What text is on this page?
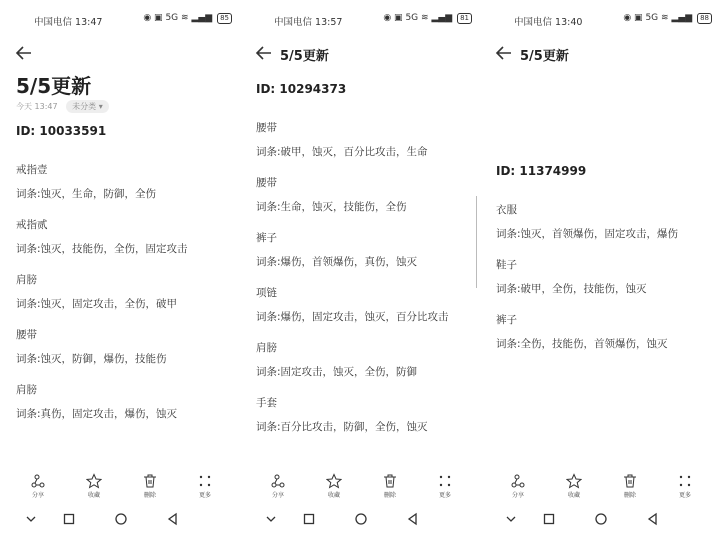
中国电信 13:47	◉ ▣ 5G ≋ ▂▄▆ 85
5/5更新
今天 13:47 未分类 ▾
ID: 10033591
戒指壹
词条:蚀灭，生命，防御，全伤
戒指贰
词条:蚀灭，技能伤，全伤，固定攻击
肩膀
词条:蚀灭，固定攻击，全伤，破甲
腰带
词条:蚀灭，防御，爆伤，技能伤
肩膀
词条:真伤，固定攻击，爆伤，蚀灭
分享	收藏	删除	更多
中国电信 13:57	◉ ▣ 5G ≋ ▂▄▆ 81
5/5更新
ID: 10294373
腰带
词条:破甲，蚀灭，百分比攻击，生命
腰带
词条:生命，蚀灭，技能伤，全伤
裤子
词条:爆伤，首领爆伤，真伤，蚀灭
项链
词条:爆伤，固定攻击，蚀灭，百分比攻击
肩膀
词条:固定攻击，蚀灭，全伤，防御
手套
词条:百分比攻击，防御，全伤，蚀灭
分享	收藏	删除	更多
中国电信 13:40	◉ ▣ 5G ≋ ▂▄▆ 88
5/5更新
ID: 11374999
衣服
词条:蚀灭，首领爆伤，固定攻击，爆伤
鞋子
词条:破甲，全伤，技能伤，蚀灭
裤子
词条:全伤，技能伤，首领爆伤，蚀灭
分享	收藏	删除	更多
